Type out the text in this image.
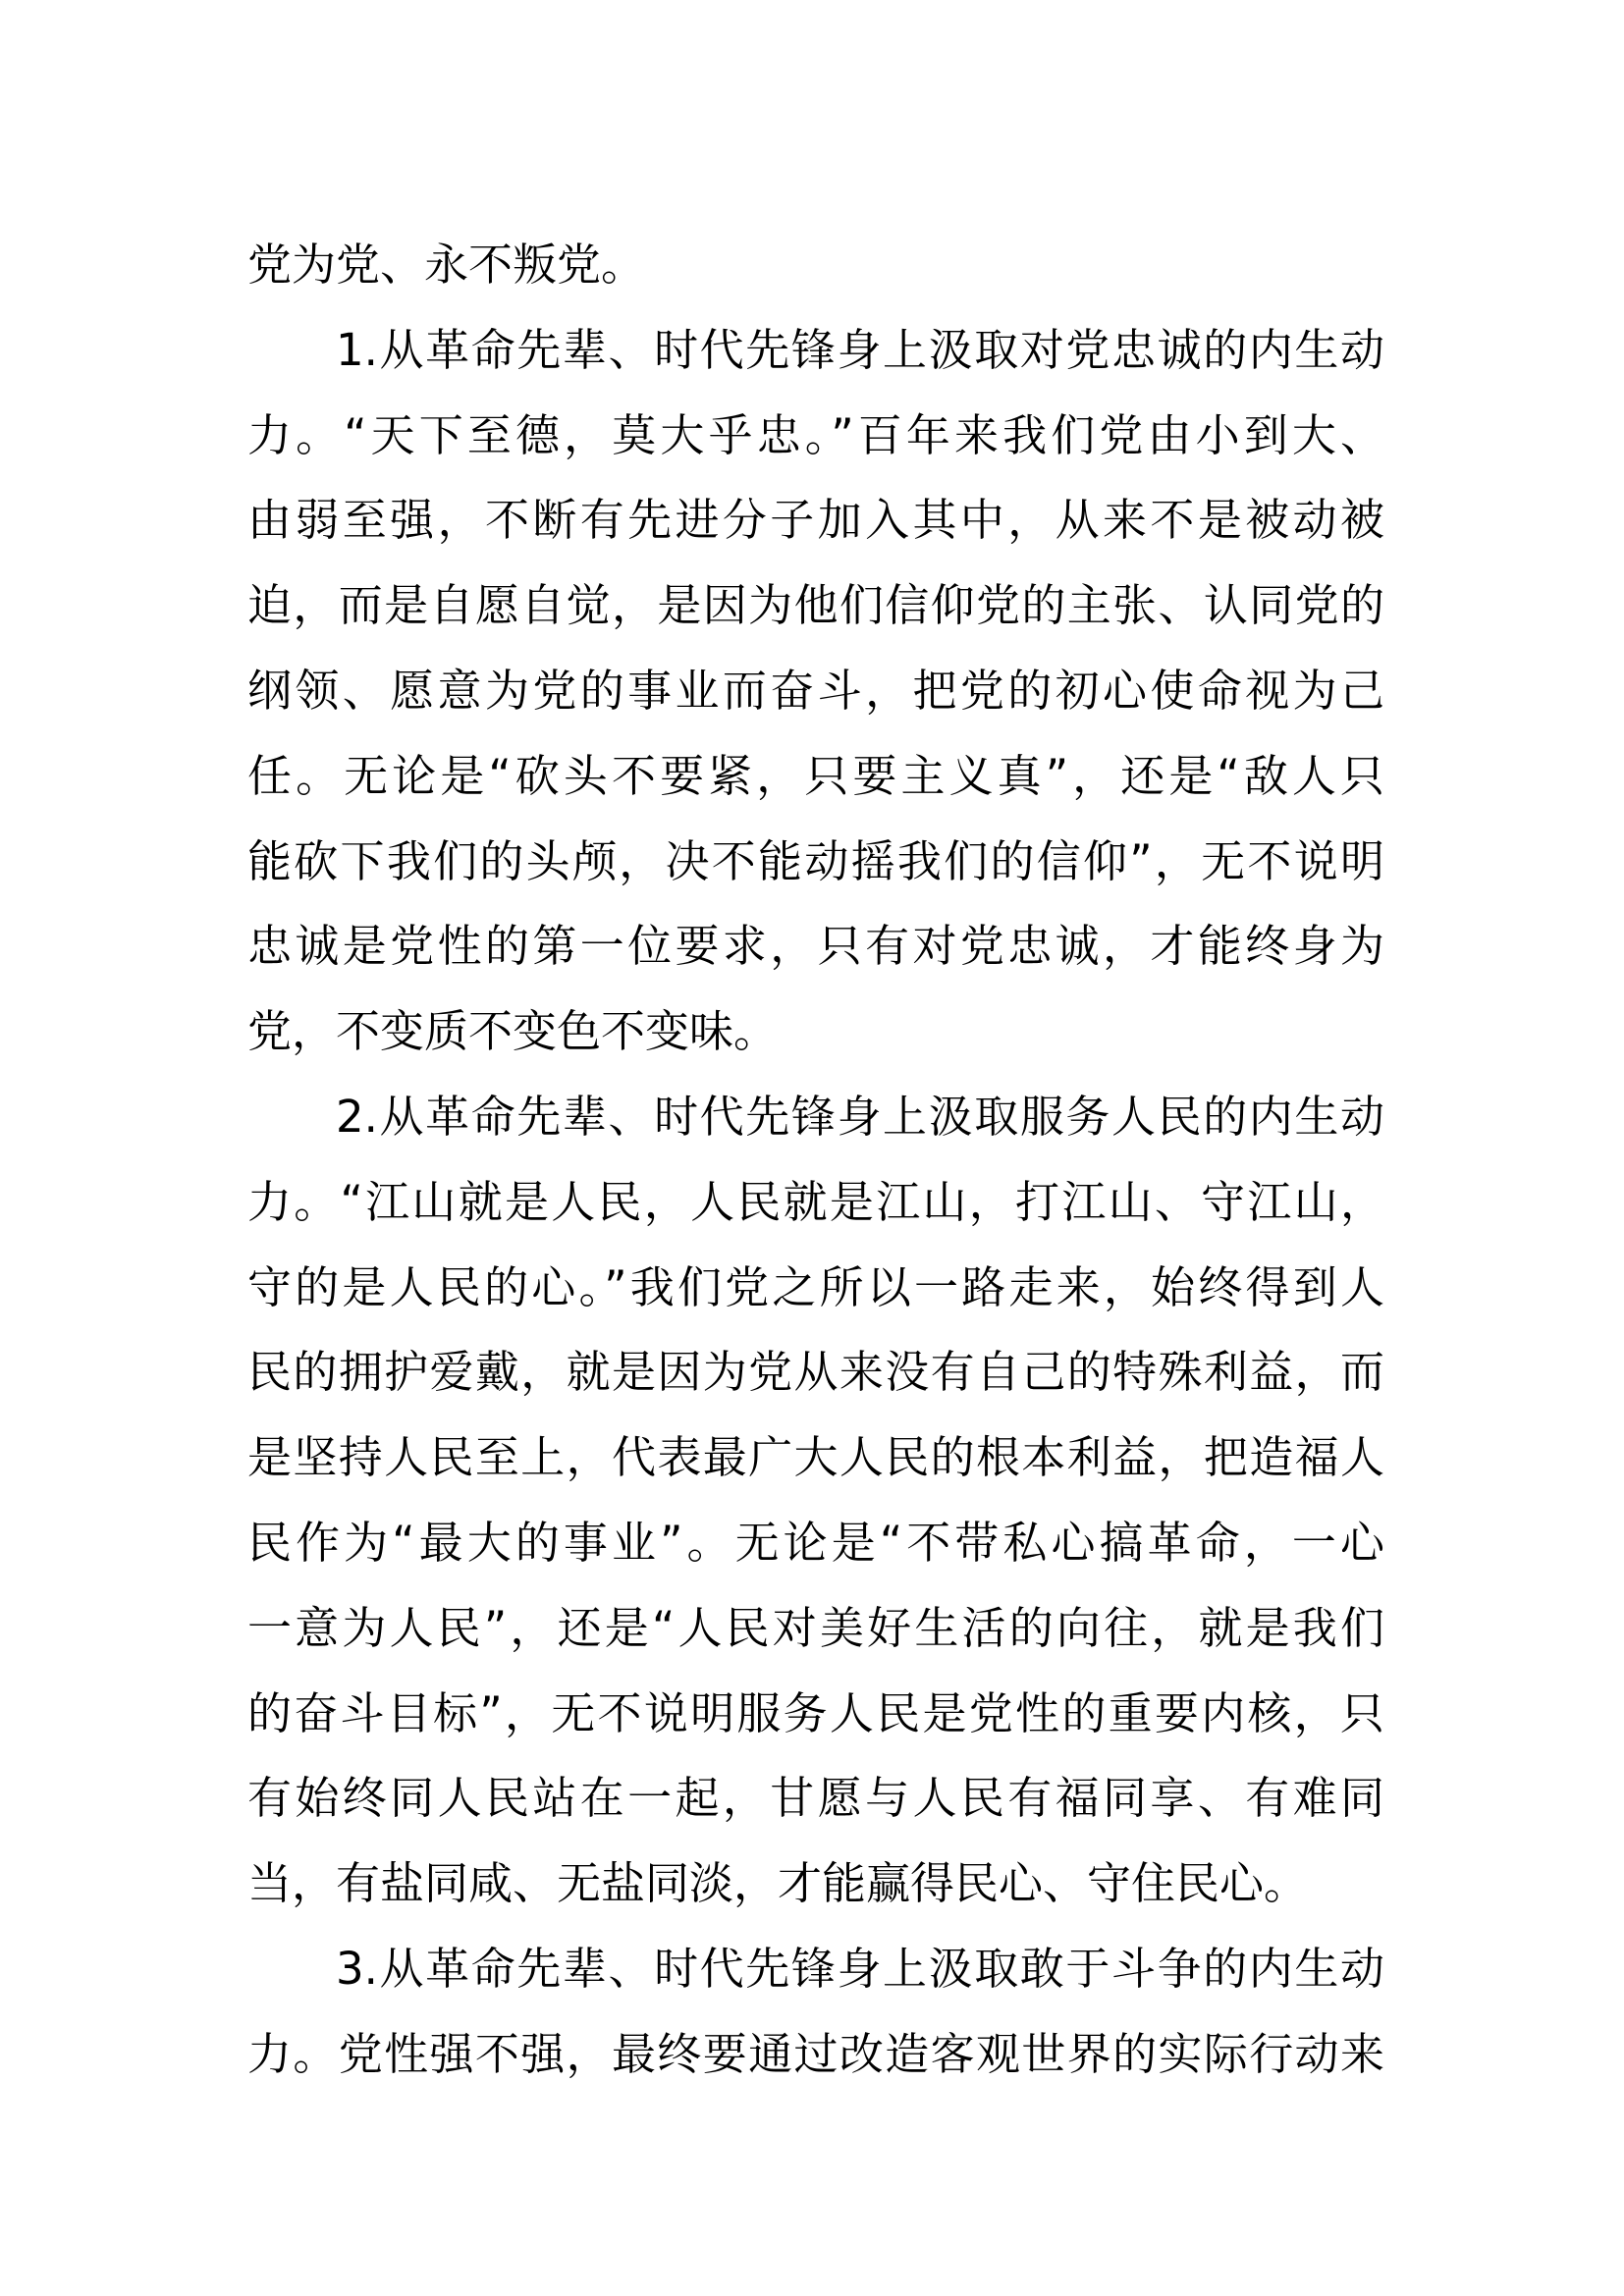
党为党、永不叛党。
1.从革命先辈、时代先锋身上汲取对党忠诚的内生动
力。“天下至德，莫大乎忠。”百年来我们党由小到大、
由弱至强，不断有先进分子加入其中，从来不是被动被
迫，而是自愿自觉，是因为他们信仰党的主张、认同党的
纲领、愿意为党的事业而奋斗，把党的初心使命视为己
任。无论是“砍头不要紧，只要主义真”，还是“敌人只
能砍下我们的头颅，决不能动摇我们的信仰”，无不说明
忠诚是党性的第一位要求，只有对党忠诚，才能终身为
党，不变质不变色不变味。
2.从革命先辈、时代先锋身上汲取服务人民的内生动
力。“江山就是人民，人民就是江山，打江山、守江山，
守的是人民的心。”我们党之所以一路走来，始终得到人
民的拥护爱戴，就是因为党从来没有自己的特殊利益，而
是坚持人民至上，代表最广大人民的根本利益，把造福人
民作为“最大的事业”。无论是“不带私心搞革命，一心
一意为人民”，还是“人民对美好生活的向往，就是我们
的奋斗目标”，无不说明服务人民是党性的重要内核，只
有始终同人民站在一起，甘愿与人民有福同享、有难同
当，有盐同咸、无盐同淡，才能赢得民心、守住民心。
3.从革命先辈、时代先锋身上汲取敢于斗争的内生动
力。党性强不强，最终要通过改造客观世界的实际行动来
